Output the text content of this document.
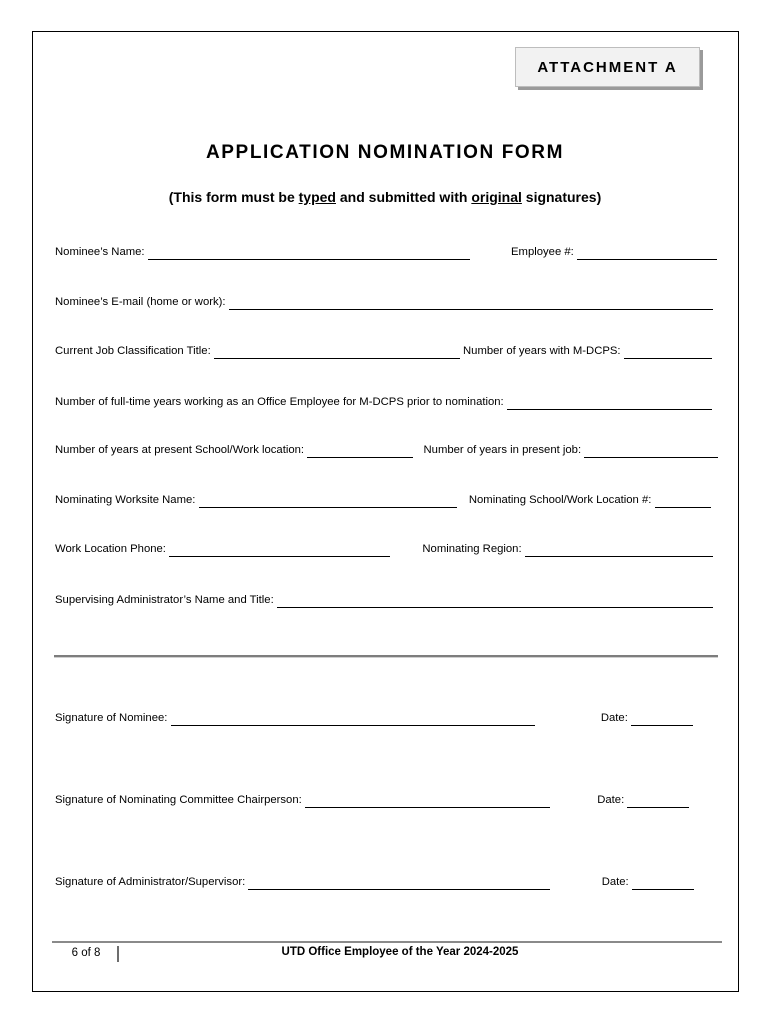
ATTACHMENT A
APPLICATION NOMINATION FORM
(This form must be typed and submitted with original signatures)
Nominee’s Name:	Employee #:
Nominee’s E-mail (home or work):
Current Job Classification Title:	Number of years with M-DCPS:
Number of full-time years working as an Office Employee for M-DCPS prior to nomination:
Number of years at present School/Work location:	Number of years in present job:
Nominating Worksite Name:	Nominating School/Work Location #:
Work Location Phone:	Nominating Region:
Supervising Administrator’s Name and Title:
Signature of Nominee:	Date:
Signature of Nominating Committee Chairperson:	Date:
Signature of Administrator/Supervisor:	Date:
6 of 8	UTD Office Employee of the Year 2024-2025
